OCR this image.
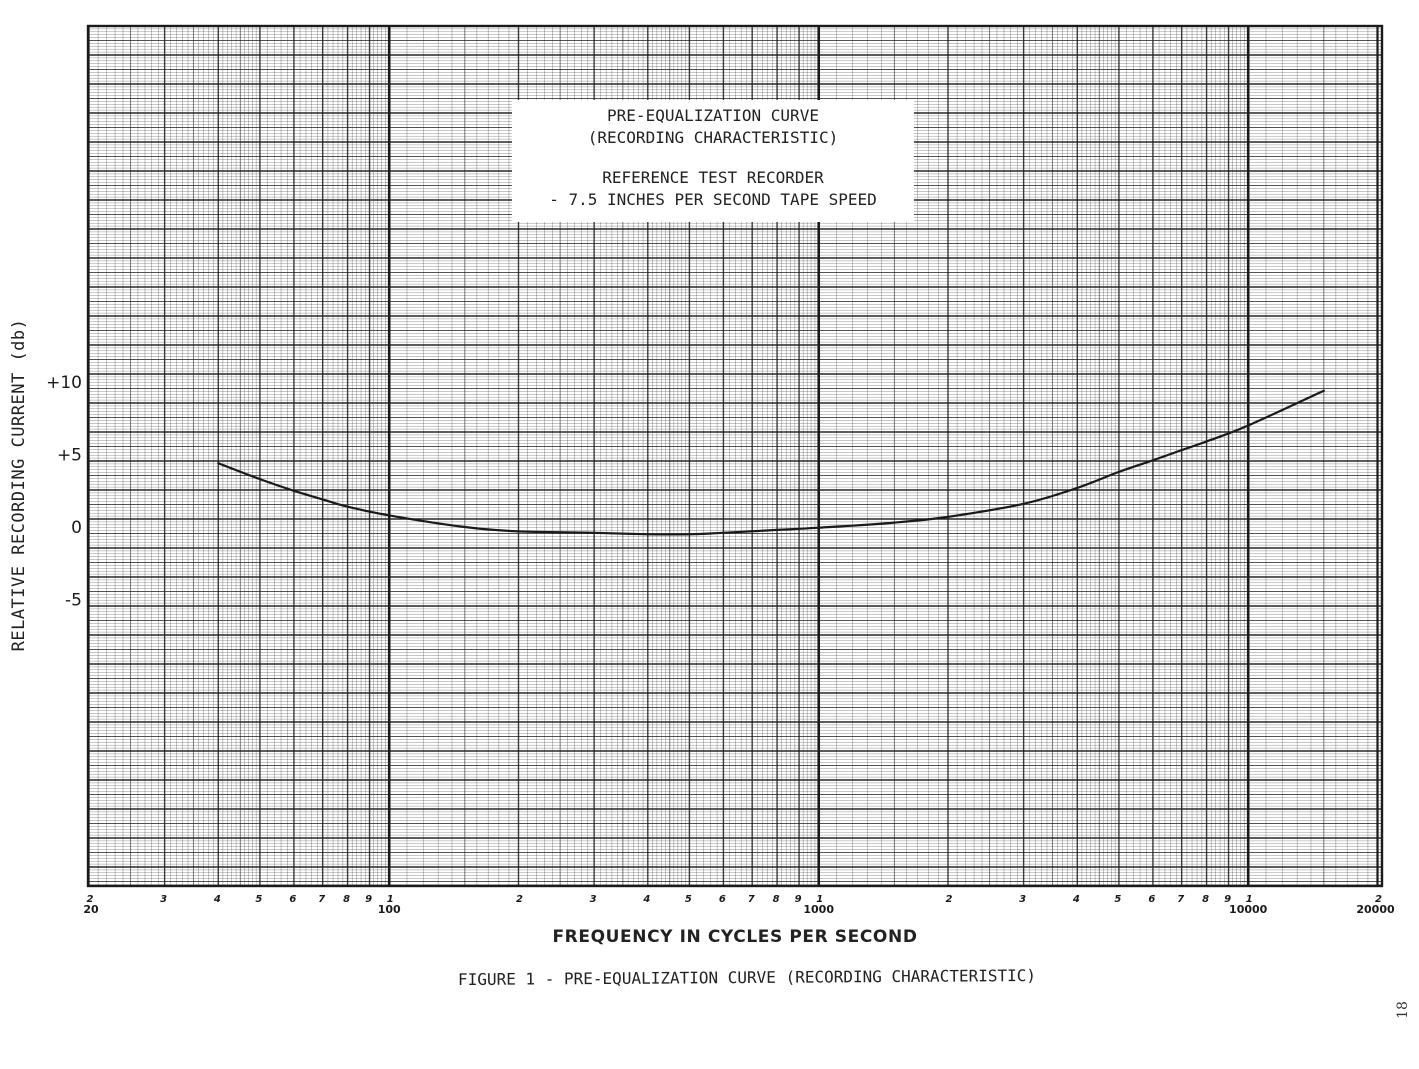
2	3	4	5	6 7 8 9 1	2	3	4	5	6 7 8 9 1	2	3	4	5	6 7 8 9 1	2
20	100	1000	10000	20000
+10
+5
0
-5
PRE-EQUALIZATION CURVE
(RECORDING CHARACTERISTIC)
REFERENCE TEST RECORDER
- 7.5 INCHES PER SECOND TAPE SPEED
RELATIVE RECORDING CURRENT (db)
FREQUENCY IN CYCLES PER SECOND
FIGURE 1 - PRE-EQUALIZATION CURVE (RECORDING CHARACTERISTIC)
18
